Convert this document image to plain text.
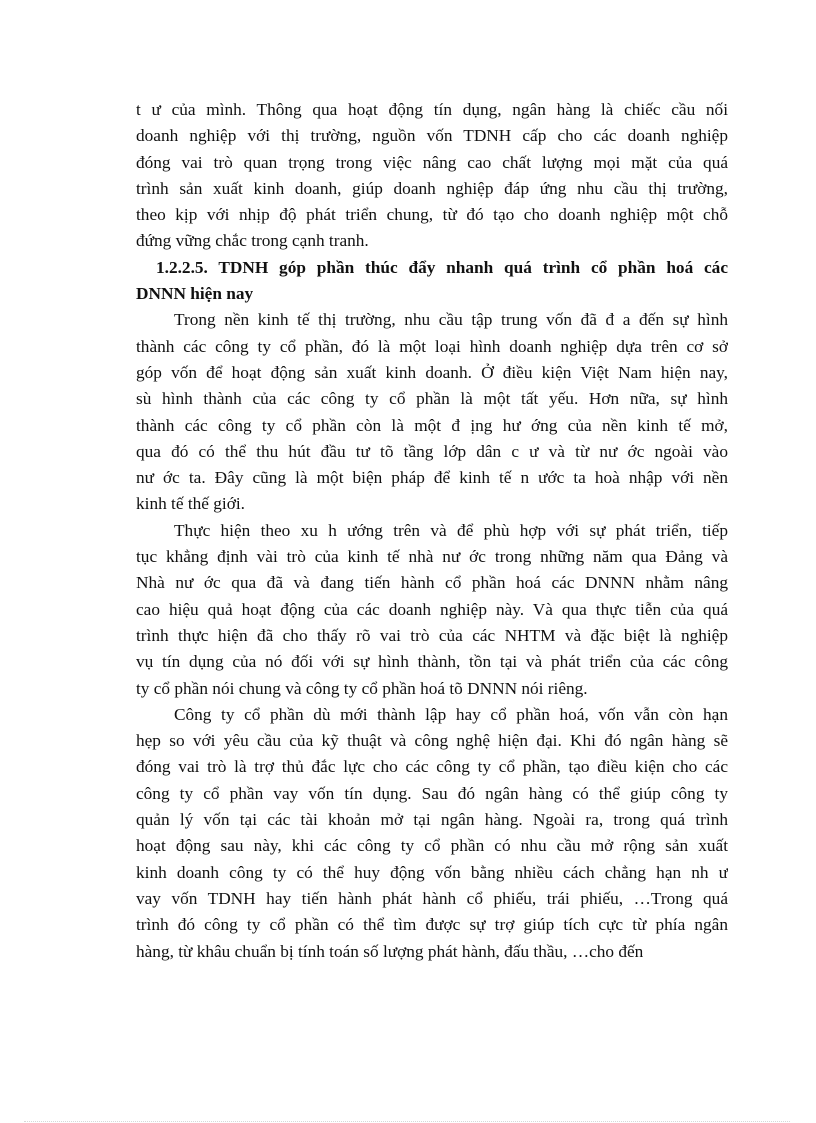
t ư của mình. Thông qua hoạt động tín dụng, ngân hàng là chiếc cầu nối
doanh nghiệp với thị trường, nguồn vốn TDNH cấp cho các doanh nghiệp
đóng vai trò quan trọng trong việc nâng cao chất lượng mọi mặt của quá
trình sản xuất kinh doanh, giúp doanh nghiệp đáp ứng nhu cầu thị trường,
theo kịp với nhịp độ phát triển chung, từ đó tạo cho doanh nghiệp một chỗ
đứng vững chắc trong cạnh tranh.
1.2.2.5. TDNH góp phần thúc đẩy nhanh quá trình cổ phần hoá các
DNNN hiện nay
Trong nền kinh tế thị trường, nhu cầu tập trung vốn đã đ a đến sự hình
thành các công ty cổ phần, đó là một loại hình doanh nghiệp dựa trên cơ sở
góp vốn để hoạt động sản xuất kinh doanh. Ở điều kiện Việt Nam hiện nay,
sù hình thành của các công ty cổ phần là một tất yếu. Hơn nữa, sự hình
thành các công ty cổ phần còn là một đ ịng hư ớng của nền kinh tế mở,
qua đó có thể thu hút đầu tư tõ tầng lớp dân c ư và từ nư ớc ngoài vào
nư ớc ta. Đây cũng là một biện pháp để kinh tế n ước ta hoà nhập với nền
kinh tế thế giới.
Thực hiện theo xu h ướng trên và để phù hợp với sự phát triển, tiếp
tục khẳng định vài trò của kinh tế nhà nư ớc trong những năm qua Đảng và
Nhà nư ớc qua đã và đang tiến hành cổ phần hoá các DNNN nhằm nâng
cao hiệu quả hoạt động của các doanh nghiệp này. Và qua thực tiễn của quá
trình thực hiện đã cho thấy rõ vai trò của các NHTM và đặc biệt là nghiệp
vụ tín dụng của nó đối với sự hình thành, tồn tại và phát triển của các công
ty cổ phần nói chung và công ty cổ phần hoá tõ DNNN nói riêng.
Công ty cổ phần dù mới thành lập hay cổ phần hoá, vốn vẫn còn hạn
hẹp so với yêu cầu của kỹ thuật và công nghệ hiện đại. Khi đó ngân hàng sẽ
đóng vai trò là trợ thủ đắc lực cho các công ty cổ phần, tạo điều kiện cho các
công ty cổ phần vay vốn tín dụng. Sau đó ngân hàng có thể giúp công ty
quản lý vốn tại các tài khoản mở tại ngân hàng. Ngoài ra, trong quá trình
hoạt động sau này, khi các công ty cổ phần có nhu cầu mở rộng sản xuất
kinh doanh công ty có thể huy động vốn bằng nhiều cách chẳng hạn nh ư
vay vốn TDNH hay tiến hành phát hành cổ phiếu, trái phiếu, …Trong quá
trình đó công ty cổ phần có thể tìm được sự trợ giúp tích cực từ phía ngân
hàng, từ khâu chuẩn bị tính toán số lượng phát hành, đấu thầu, …cho đến
